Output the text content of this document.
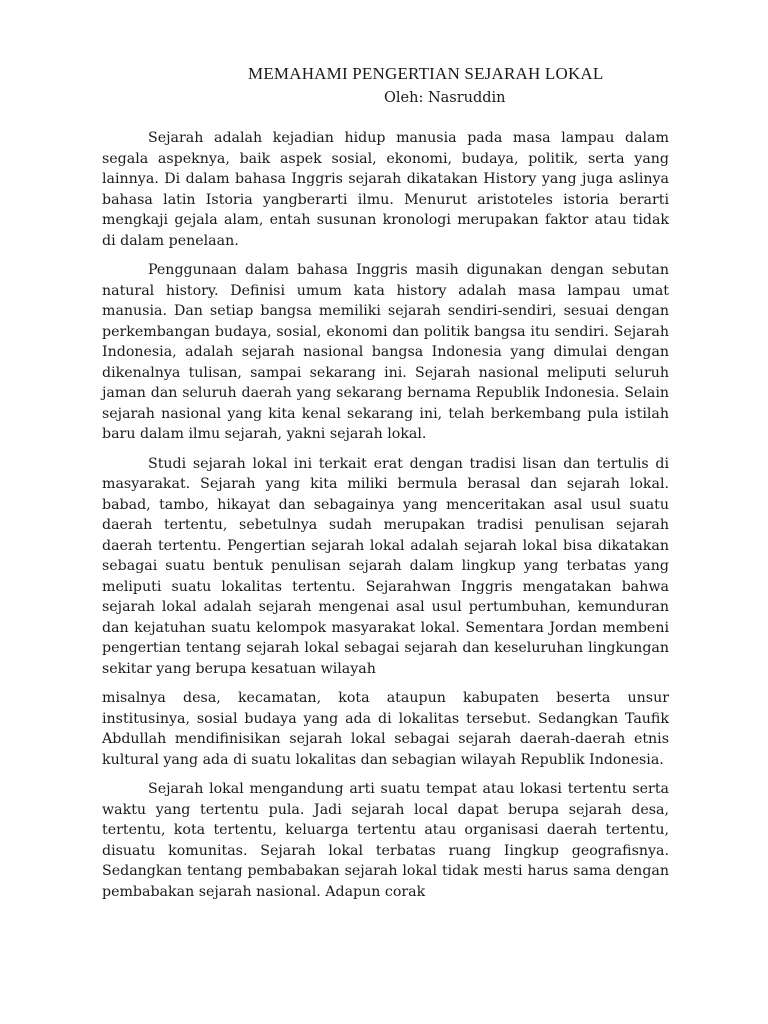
MEMAHAMI PENGERTIAN SEJARAH LOKAL
Oleh: Nasruddin

Sejarah adalah kejadian hidup manusia pada masa lampau dalam segala aspeknya, baik aspek sosial, ekonomi, budaya, politik, serta yang lainnya. Di dalam bahasa Inggris sejarah dikatakan History yang juga aslinya bahasa latin Istoria yangberarti ilmu. Menurut aristoteles istoria berarti mengkaji gejala alam, entah susunan kronologi merupakan faktor atau tidak di dalam penelaan.

Penggunaan dalam bahasa Inggris masih digunakan dengan sebutan natural history. Definisi umum kata history adalah masa lampau umat manusia. Dan setiap bangsa memiliki sejarah sendiri-sendiri, sesuai dengan perkembangan budaya, sosial, ekonomi dan politik bangsa itu sendiri. Sejarah Indonesia, adalah sejarah nasional bangsa Indonesia yang dimulai dengan dikenalnya tulisan, sampai sekarang ini. Sejarah nasional meliputi seluruh jaman dan seluruh daerah yang sekarang bernama Republik Indonesia. Selain sejarah nasional yang kita kenal sekarang ini, telah berkembang pula istilah baru dalam ilmu sejarah, yakni sejarah lokal.

Studi sejarah lokal ini terkait erat dengan tradisi lisan dan tertulis di masyarakat. Sejarah yang kita miliki bermula berasal dan sejarah lokal. babad, tambo, hikayat dan sebagainya yang menceritakan asal usul suatu daerah tertentu, sebetulnya sudah merupakan tradisi penulisan sejarah daerah tertentu. Pengertian sejarah lokal adalah sejarah lokal bisa dikatakan sebagai suatu bentuk penulisan sejarah dalam lingkup yang terbatas yang meliputi suatu lokalitas tertentu. Sejarahwan Inggris mengatakan bahwa sejarah lokal adalah sejarah mengenai asal usul pertumbuhan, kemunduran dan kejatuhan suatu kelompok masyarakat lokal. Sementara Jordan membeni pengertian tentang sejarah lokal sebagai sejarah dan keseluruhan lingkungan sekitar yang berupa kesatuan wilayah

misalnya desa, kecamatan, kota ataupun kabupaten beserta unsur institusinya, sosial budaya yang ada di lokalitas tersebut. Sedangkan Taufik Abdullah mendifinisikan sejarah lokal sebagai sejarah daerah-daerah etnis kultural yang ada di suatu lokalitas dan sebagian wilayah Republik Indonesia.

Sejarah lokal mengandung arti suatu tempat atau lokasi tertentu serta waktu yang tertentu pula. Jadi sejarah local dapat berupa sejarah desa, tertentu, kota tertentu, keluarga tertentu atau organisasi daerah tertentu, disuatu komunitas. Sejarah lokal terbatas ruang Iingkup geografisnya. Sedangkan tentang pembabakan sejarah lokal tidak mesti harus sama dengan pembabakan sejarah nasional. Adapun corak
